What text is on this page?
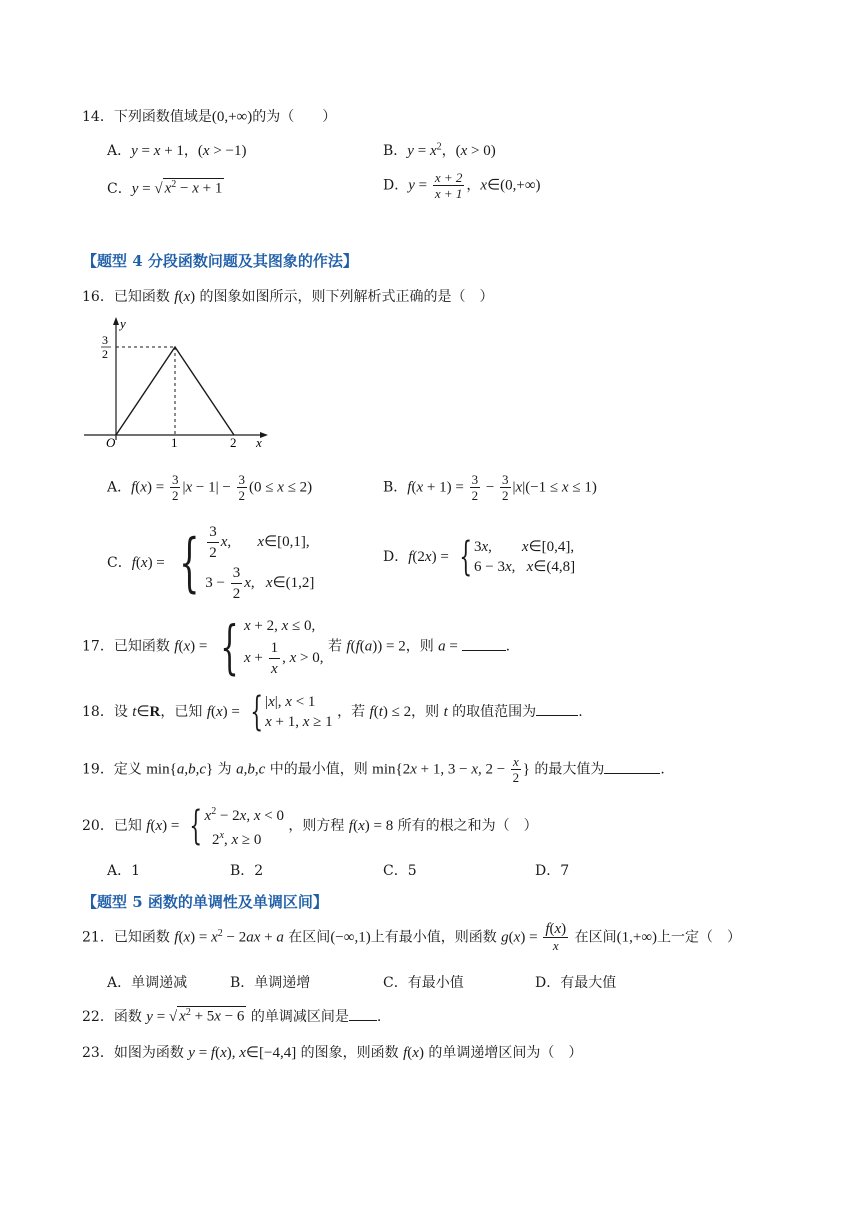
14．下列函数值域是(0,+∞)的为（　　）
A．y = x + 1，(x > −1)	B．$y = x^2$，(x > 0)
C．y = √ $x^2 - x + 1$	D．$y = \frac{x + 2}{x + 1}$ ，x∈(0,+∞)
【题型 4 分段函数问题及其图象的作法】
16．已知函数 f(x) 的图象如图所示，则下列解析式正确的是（　）
y
x
O	1	2
3
2
A．$f(x) = \frac{3}{2} |x - 1| - \frac{3}{2} (0 \le x \le 2)$	B．$f(x + 1) = \frac{3}{2} - \frac{3}{2} |x|(-1 \le x \le 1)$
C．f(x) = { $\frac{3}{2} x$,       x∈[0,1],
$3 - \frac{3}{2} x$,   x∈(1,2]
D．f(2x) = { 3x,        x∈[0,4],
6 − 3x,   x∈(4,8]
17．已知函数 f(x) = { x + 2, x ≤ 0,
$x + \frac{1}{x}$ , x > 0,
若 f(f(a)) = 2，则 a =	.
18．设 t∈R，已知 f(x) = { |x|, x < 1
x + 1, x ≥ 1
，若 f(t) ≤ 2，则 t 的取值范围为	.
19．定义 min{a,b,c} 为 a,b,c 中的最小值，则 min{2x + 1, 3 − x, $2 - \frac{x}{2}$ } 的最大值为	.
20．已知 f(x) = { $x^2 - 2x$, x < 0
2$^x$, x ≥ 0
，则方程 f(x) = 8 所有的根之和为（　）
A．1	B．2	C．5	D．7
【题型 5 函数的单调性及单调区间】
21．已知函数 $f(x) = x^2 - 2ax + a$ 在区间(−∞,1)上有最小值，则函数 $g(x) = \frac{f(x)}{x}$ 在区间(1,+∞)上一定（　）
A．单调递减	B．单调递增	C．有最小值	D．有最大值
22．函数 y = √ $x^2 + 5x - 6$ 的单调减区间是 .
23．如图为函数 y = f(x), x∈[−4,4] 的图象，则函数 f(x) 的单调递增区间为（　）
